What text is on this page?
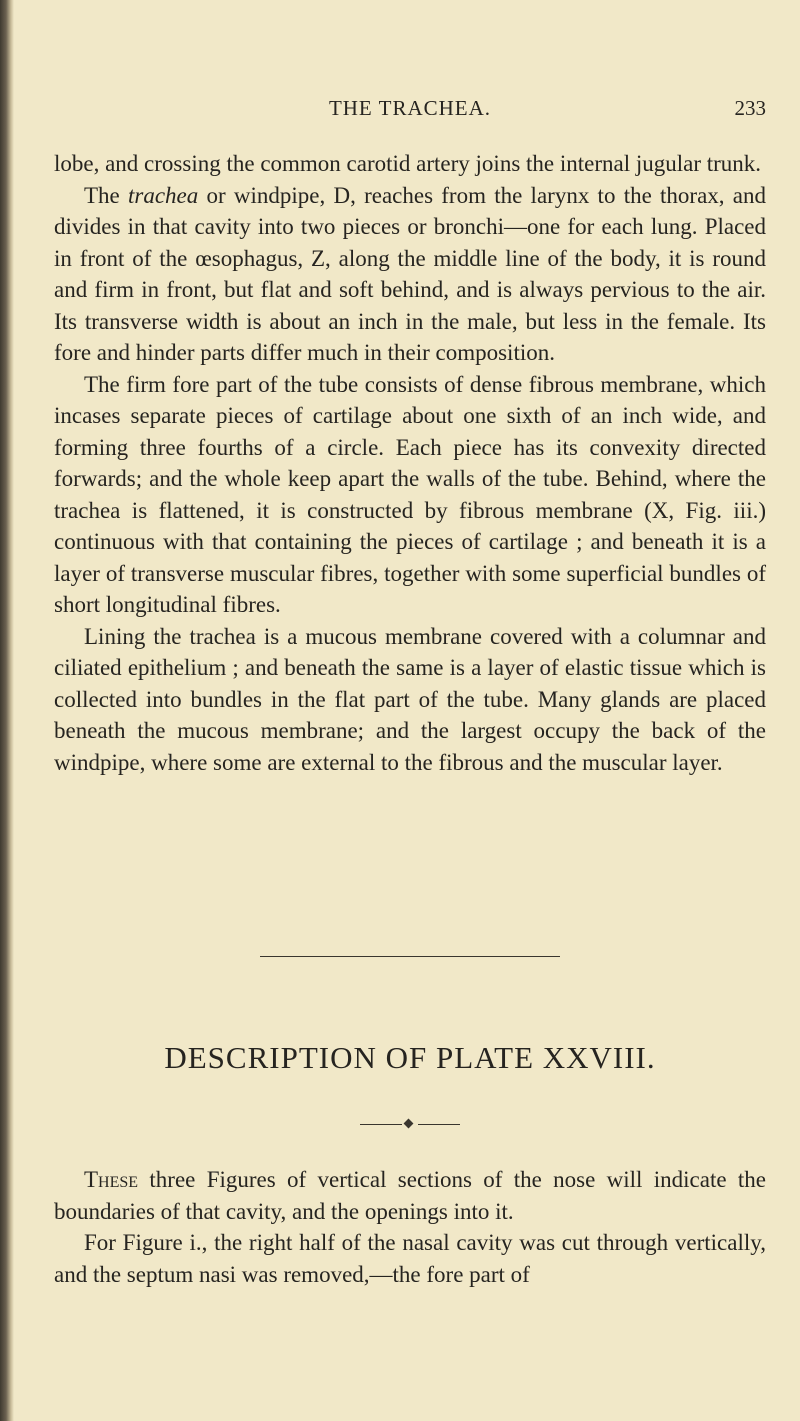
THE TRACHEA.	233

lobe, and crossing the common carotid artery joins the internal jugular trunk.

The trachea or windpipe, D, reaches from the larynx to the thorax, and divides in that cavity into two pieces or bronchi—one for each lung. Placed in front of the œsophagus, Z, along the middle line of the body, it is round and firm in front, but flat and soft behind, and is always pervious to the air. Its transverse width is about an inch in the male, but less in the female. Its fore and hinder parts differ much in their composition.

The firm fore part of the tube consists of dense fibrous membrane, which incases separate pieces of cartilage about one sixth of an inch wide, and forming three fourths of a circle. Each piece has its convexity directed forwards; and the whole keep apart the walls of the tube. Behind, where the trachea is flattened, it is constructed by fibrous membrane (X, Fig. iii.) continuous with that containing the pieces of cartilage ; and beneath it is a layer of transverse muscular fibres, together with some superficial bundles of short longitudinal fibres.

Lining the trachea is a mucous membrane covered with a columnar and ciliated epithelium ; and beneath the same is a layer of elastic tissue which is collected into bundles in the flat part of the tube. Many glands are placed beneath the mucous membrane; and the largest occupy the back of the windpipe, where some are external to the fibrous and the muscular layer.

DESCRIPTION OF PLATE XXVIII.

These three Figures of vertical sections of the nose will indicate the boundaries of that cavity, and the openings into it.

For Figure i., the right half of the nasal cavity was cut through vertically, and the septum nasi was removed,—the fore part of
